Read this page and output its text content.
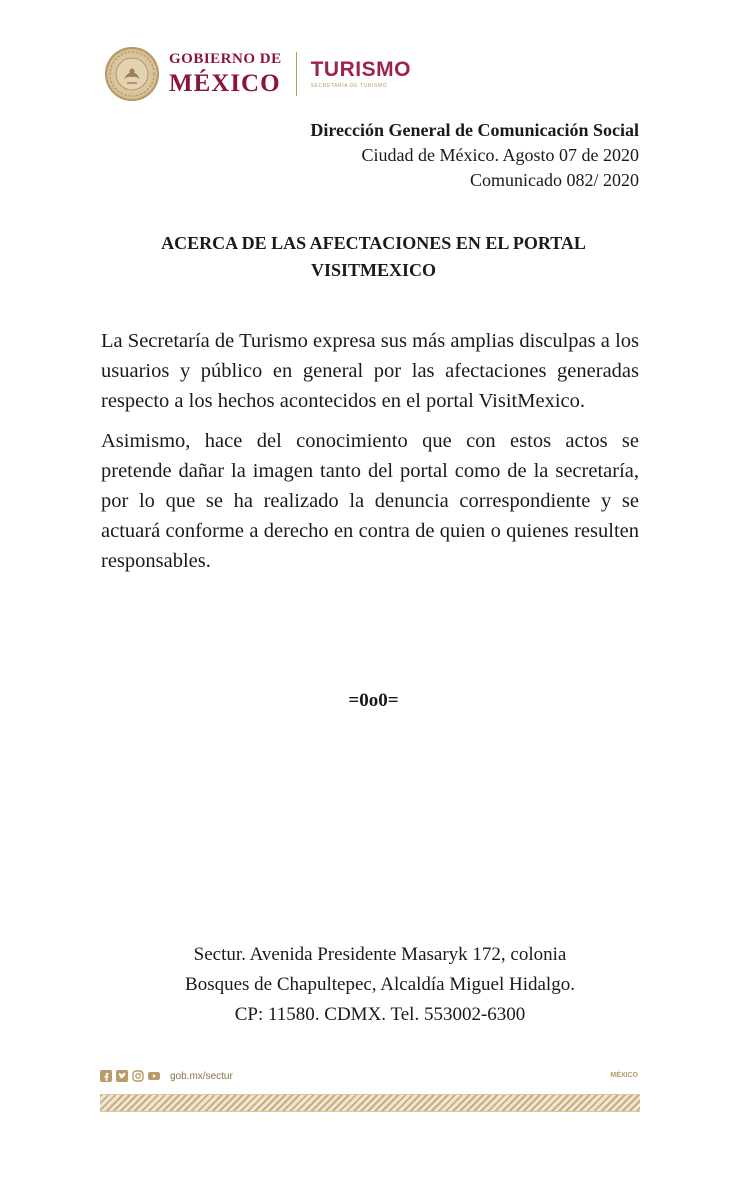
GOBIERNO DE
MÉXICO
TURISMO
SECRETARÍA DE TURISMO
Dirección General de Comunicación Social
Ciudad de México. Agosto 07 de 2020
Comunicado 082/ 2020
ACERCA DE LAS AFECTACIONES EN EL PORTAL
VISITMEXICO

La Secretaría de Turismo expresa sus más amplias disculpas a los usuarios y público en general por las afectaciones generadas respecto a los hechos acontecidos en el portal VisitMexico.

Asimismo, hace del conocimiento que con estos actos se pretende dañar la imagen tanto del portal como de la secretaría, por lo que se ha realizado la denuncia correspondiente y se actuará conforme a derecho en contra de quien o quienes resulten responsables.

=0o0=
Sectur. Avenida Presidente Masaryk 172, colonia
Bosques de Chapultepec, Alcaldía Miguel Hidalgo.
CP: 11580. CDMX. Tel. 553002-6300
gob.mx/sectur	MÉXICO
